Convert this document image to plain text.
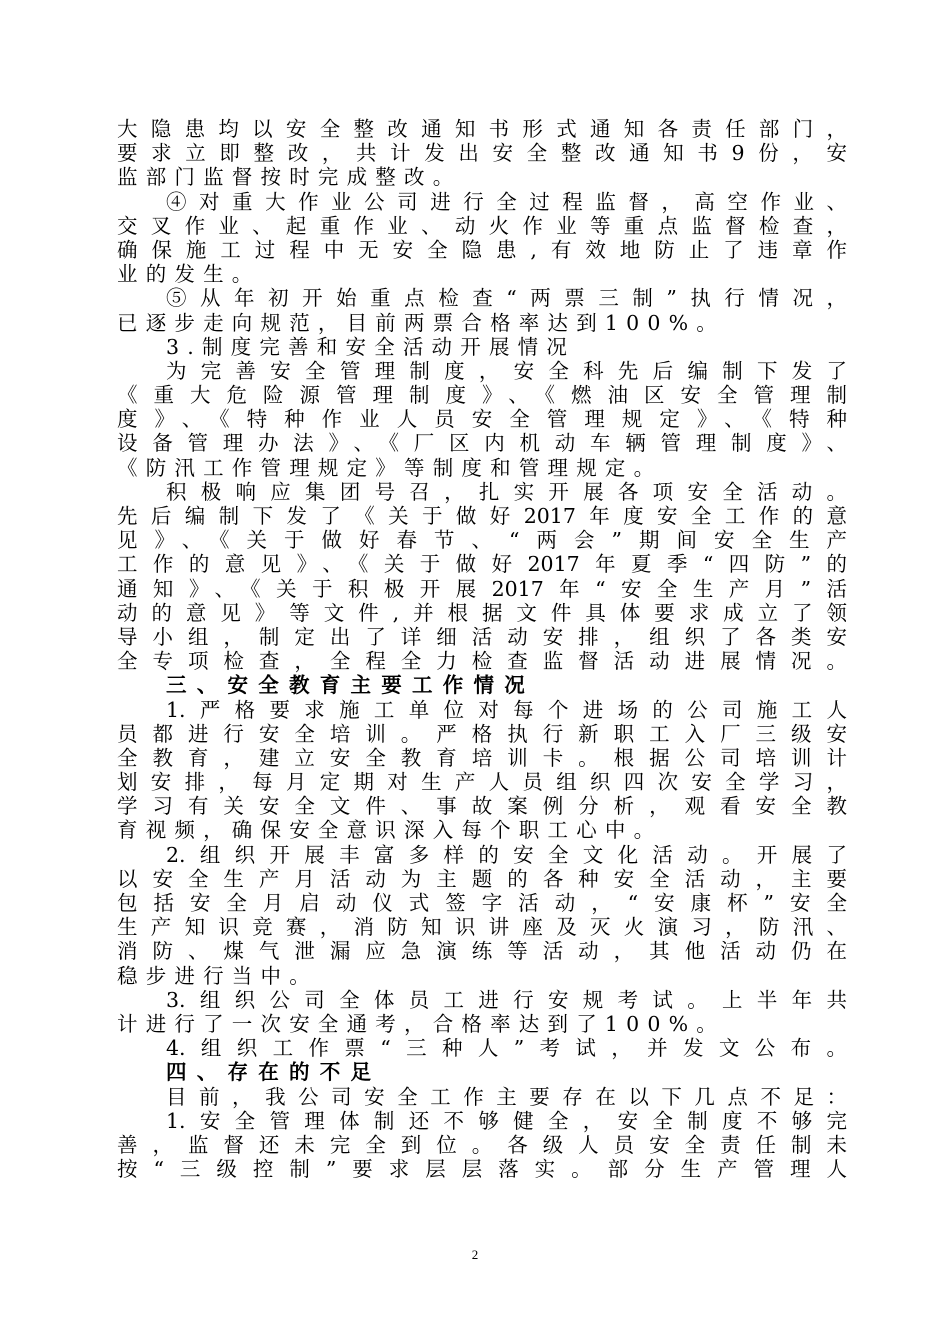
大隐患均以安全整改通知书形式通知各责任部门，
要求立即整改，共计发出安全整改通知书9份，安
监部门监督按时完成整改。
④对重大作业公司进行全过程监督，高空作业、
交叉作业、起重作业、动火作业等重点监督检查，
确保施工过程中无安全隐患,有效地防止了违章作
业的发生。
⑤从年初开始重点检查“两票三制”执行情况，
已逐步走向规范，目前两票合格率达到100%。
3.制度完善和安全活动开展情况
为完善安全管理制度，安全科先后编制下发了
《重大危险源管理制度》、《燃油区安全管理制
度》、《特种作业人员安全管理规定》、《特种
设备管理办法》、《厂区内机动车辆管理制度》、
《防汛工作管理规定》等制度和管理规定。
积极响应集团号召，扎实开展各项安全活动。
先后编制下发了《关于做好2017年度安全工作的意
见》、《关于做好春节、“两会”期间安全生产
工作的意见》、《关于做好2017年夏季“四防”的
通知》、《关于积极开展2017年“安全生产月”活
动的意见》等文件,并根据文件具体要求成立了领
导小组，制定出了详细活动安排，组织了各类安
全专项检查，全程全力检查监督活动进展情况。
三、安全教育主要工作情况
1.严格要求施工单位对每个进场的公司施工人
员都进行安全培训。严格执行新职工入厂三级安
全教育，建立安全教育培训卡。根据公司培训计
划安排，每月定期对生产人员组织四次安全学习，
学习有关安全文件、事故案例分析，观看安全教
育视频，确保安全意识深入每个职工心中。
2.组织开展丰富多样的安全文化活动。开展了
以安全生产月活动为主题的各种安全活动，主要
包括安全月启动仪式签字活动，“安康杯”安全
生产知识竞赛，消防知识讲座及灭火演习，防汛、
消防、煤气泄漏应急演练等活动，其他活动仍在
稳步进行当中。
3.组织公司全体员工进行安规考试。上半年共
计进行了一次安全通考，合格率达到了100%。
4.组织工作票“三种人”考试，并发文公布。
四、存在的不足
目前，我公司安全工作主要存在以下几点不足：
1.安全管理体制还不够健全，安全制度不够完
善，监督还未完全到位。各级人员安全责任制未
按“三级控制”要求层层落实。部分生产管理人
2
